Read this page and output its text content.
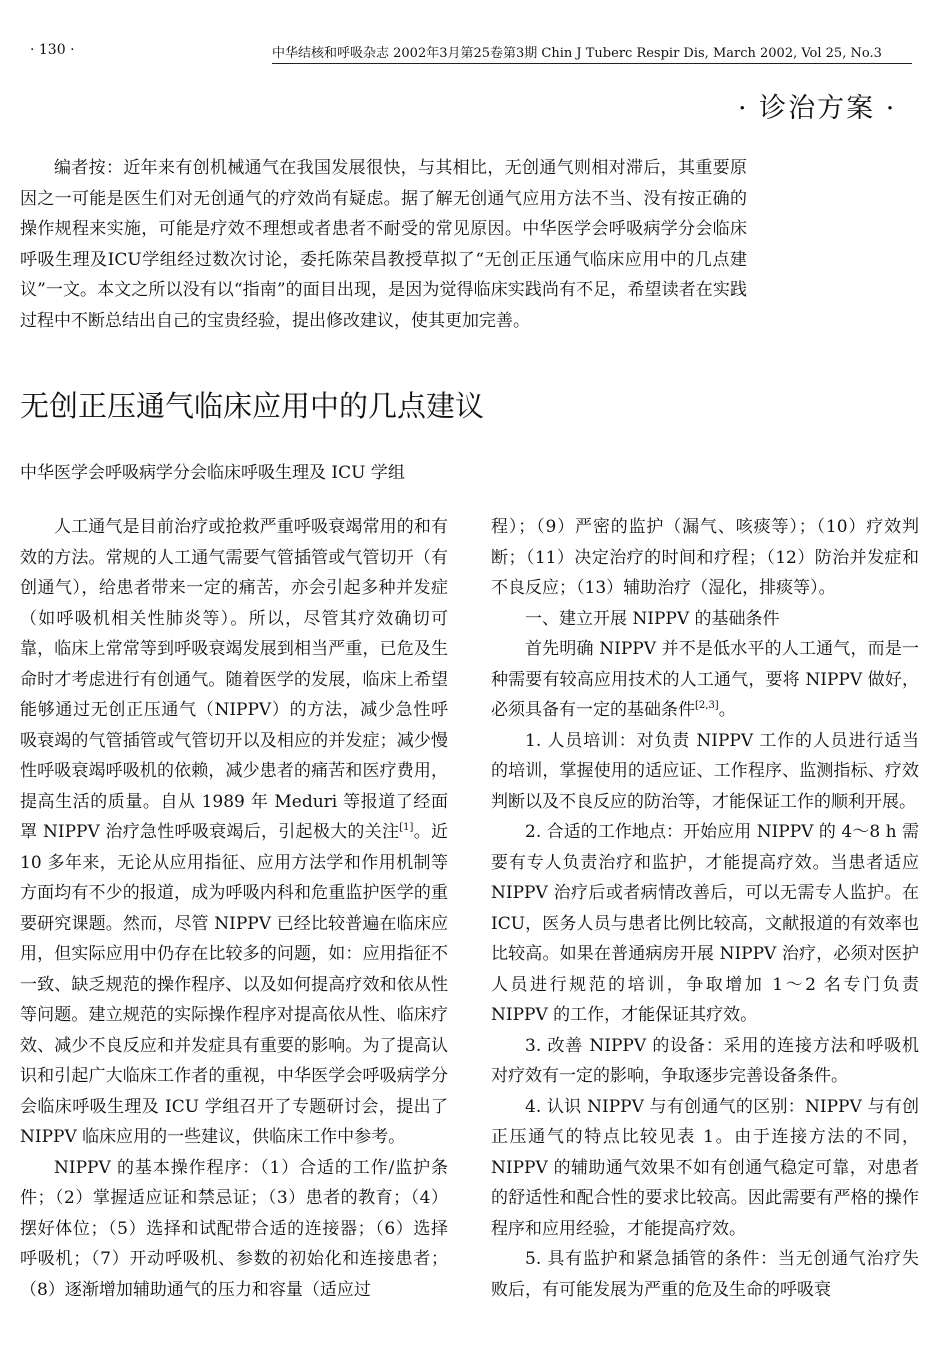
· 130 ·	中华结核和呼吸杂志 2002年3月第25卷第3期 Chin J Tuberc Respir Dis, March 2002, Vol 25, No.3
· 诊治方案 ·

编者按：近年来有创机械通气在我国发展很快，与其相比，无创通气则相对滞后，其重要原因之一可能是医生们对无创通气的疗效尚有疑虑。据了解无创通气应用方法不当、没有按正确的操作规程来实施，可能是疗效不理想或者患者不耐受的常见原因。中华医学会呼吸病学分会临床呼吸生理及ICU学组经过数次讨论，委托陈荣昌教授草拟了“无创正压通气临床应用中的几点建议”一文。本文之所以没有以“指南”的面目出现，是因为觉得临床实践尚有不足，希望读者在实践过程中不断总结出自己的宝贵经验，提出修改建议，使其更加完善。

无创正压通气临床应用中的几点建议

中华医学会呼吸病学分会临床呼吸生理及 ICU 学组

人工通气是目前治疗或抢救严重呼吸衰竭常用的和有效的方法。常规的人工通气需要气管插管或气管切开（有创通气），给患者带来一定的痛苦，亦会引起多种并发症（如呼吸机相关性肺炎等）。所以，尽管其疗效确切可靠，临床上常常等到呼吸衰竭发展到相当严重，已危及生命时才考虑进行有创通气。随着医学的发展，临床上希望能够通过无创正压通气（NIPPV）的方法，减少急性呼吸衰竭的气管插管或气管切开以及相应的并发症；减少慢性呼吸衰竭呼吸机的依赖，减少患者的痛苦和医疗费用，提高生活的质量。自从 1989 年 Meduri 等报道了经面罩 NIPPV 治疗急性呼吸衰竭后，引起极大的关注[1]。近 10 多年来，无论从应用指征、应用方法学和作用机制等方面均有不少的报道，成为呼吸内科和危重监护医学的重要研究课题。然而，尽管 NIPPV 已经比较普遍在临床应用，但实际应用中仍存在比较多的问题，如：应用指征不一致、缺乏规范的操作程序、以及如何提高疗效和依从性等问题。建立规范的实际操作程序对提高依从性、临床疗效、减少不良反应和并发症具有重要的影响。为了提高认识和引起广大临床工作者的重视，中华医学会呼吸病学分会临床呼吸生理及 ICU 学组召开了专题研讨会，提出了 NIPPV 临床应用的一些建议，供临床工作中参考。

NIPPV 的基本操作程序：（1）合适的工作/监护条件；（2）掌握适应证和禁忌证；（3）患者的教育；（4）摆好体位；（5）选择和试配带合适的连接器；（6）选择呼吸机；（7）开动呼吸机、参数的初始化和连接患者；（8）逐渐增加辅助通气的压力和容量（适应过

程）；（9）严密的监护（漏气、咳痰等）；（10）疗效判断；（11）决定治疗的时间和疗程；（12）防治并发症和不良反应；（13）辅助治疗（湿化，排痰等）。

一、建立开展 NIPPV 的基础条件

首先明确 NIPPV 并不是低水平的人工通气，而是一种需要有较高应用技术的人工通气，要将 NIPPV 做好，必须具备有一定的基础条件[2,3]。

1. 人员培训：对负责 NIPPV 工作的人员进行适当的培训，掌握使用的适应证、工作程序、监测指标、疗效判断以及不良反应的防治等，才能保证工作的顺利开展。

2. 合适的工作地点：开始应用 NIPPV 的 4～8 h 需要有专人负责治疗和监护，才能提高疗效。当患者适应 NIPPV 治疗后或者病情改善后，可以无需专人监护。在 ICU，医务人员与患者比例比较高，文献报道的有效率也比较高。如果在普通病房开展 NIPPV 治疗，必须对医护人员进行规范的培训，争取增加 1～2 名专门负责 NIPPV 的工作，才能保证其疗效。

3. 改善 NIPPV 的设备：采用的连接方法和呼吸机对疗效有一定的影响，争取逐步完善设备条件。

4. 认识 NIPPV 与有创通气的区别：NIPPV 与有创正压通气的特点比较见表 1。由于连接方法的不同，NIPPV 的辅助通气效果不如有创通气稳定可靠，对患者的舒适性和配合性的要求比较高。因此需要有严格的操作程序和应用经验，才能提高疗效。

5. 具有监护和紧急插管的条件：当无创通气治疗失败后，有可能发展为严重的危及生命的呼吸衰
